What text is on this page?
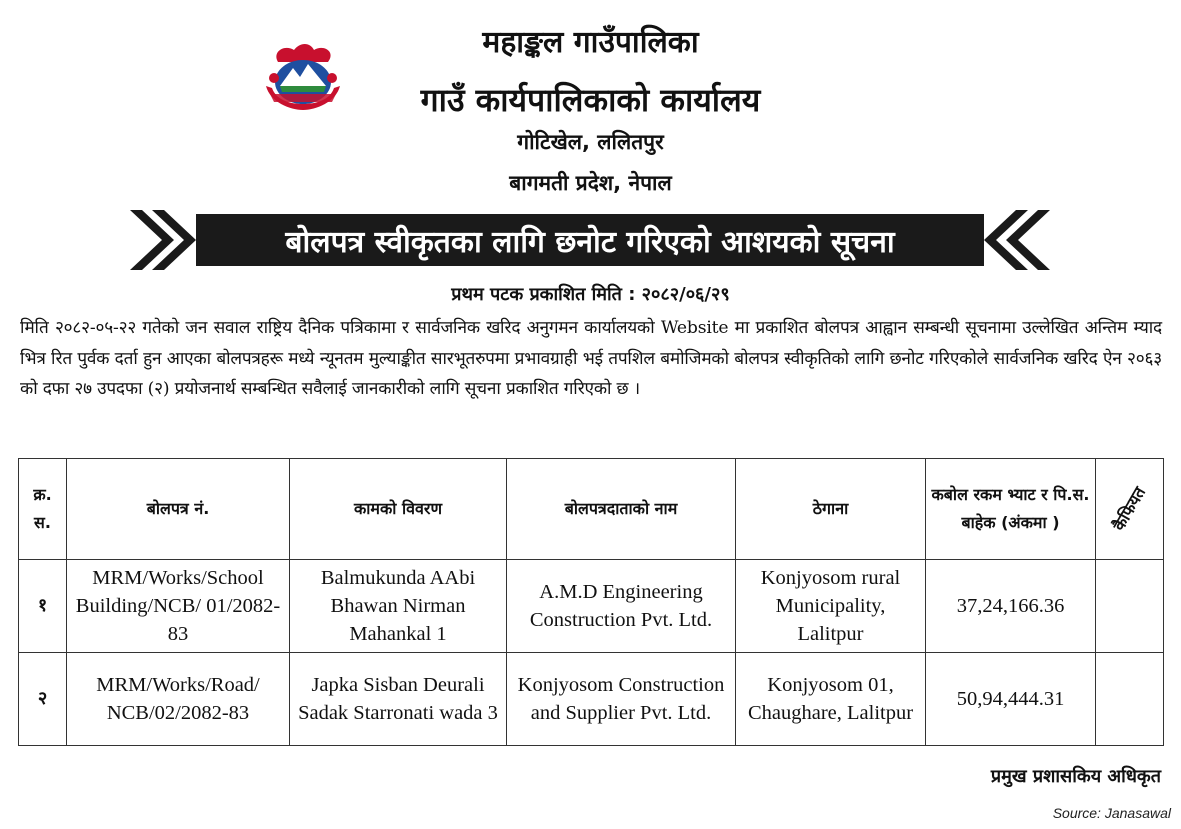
महाङ्कल गाउँपालिका
गाउँ कार्यपालिकाको कार्यालय
गोटिखेल, ललितपुर
बागमती प्रदेश, नेपाल
बोलपत्र स्वीकृतका लागि छनोट गरिएको आशयको सूचना
प्रथम पटक प्रकाशित मिति : २०८२/०६/२९
मिति २०८२-०५-२२ गतेको जन सवाल राष्ट्रिय दैनिक पत्रिकामा र सार्वजनिक खरिद अनुगमन कार्यालयको Website मा प्रकाशित बोलपत्र आह्वान सम्बन्धी सूचनामा उल्लेखित अन्तिम म्याद भित्र रित पुर्वक दर्ता हुन आएका बोलपत्रहरू मध्ये न्यूनतम मुल्याङ्कीत सारभूतरुपमा प्रभावग्राही भई तपशिल बमोजिमको बोलपत्र स्वीकृतिको लागि छनोट गरिएकोले सार्वजनिक खरिद ऐन २०६३ को दफा २७ उपदफा (२) प्रयोजनार्थ सम्बन्धित सवैलाई जानकारीको लागि सूचना प्रकाशित गरिएको छ ।
क्र. स.	बोलपत्र नं.	कामको विवरण	बोलपत्रदाताको नाम	ठेगाना	कबोल रकम भ्याट र पि.स. बाहेक (अंकमा )	कैफियत
१	MRM/Works/School Building/NCB/ 01/2082-83	Balmukunda AAbi Bhawan Nirman Mahankal 1	A.M.D Engineering Construction Pvt. Ltd.	Konjyosom rural Municipality, Lalitpur	37,24,166.36	
२	MRM/Works/Road/ NCB/02/2082-83	Japka Sisban Deurali Sadak Starronati wada 3	Konjyosom Construction and Supplier Pvt. Ltd.	Konjyosom 01, Chaughare, Lalitpur	50,94,444.31	
प्रमुख प्रशासकिय अधिकृत
Source: Janasawal
